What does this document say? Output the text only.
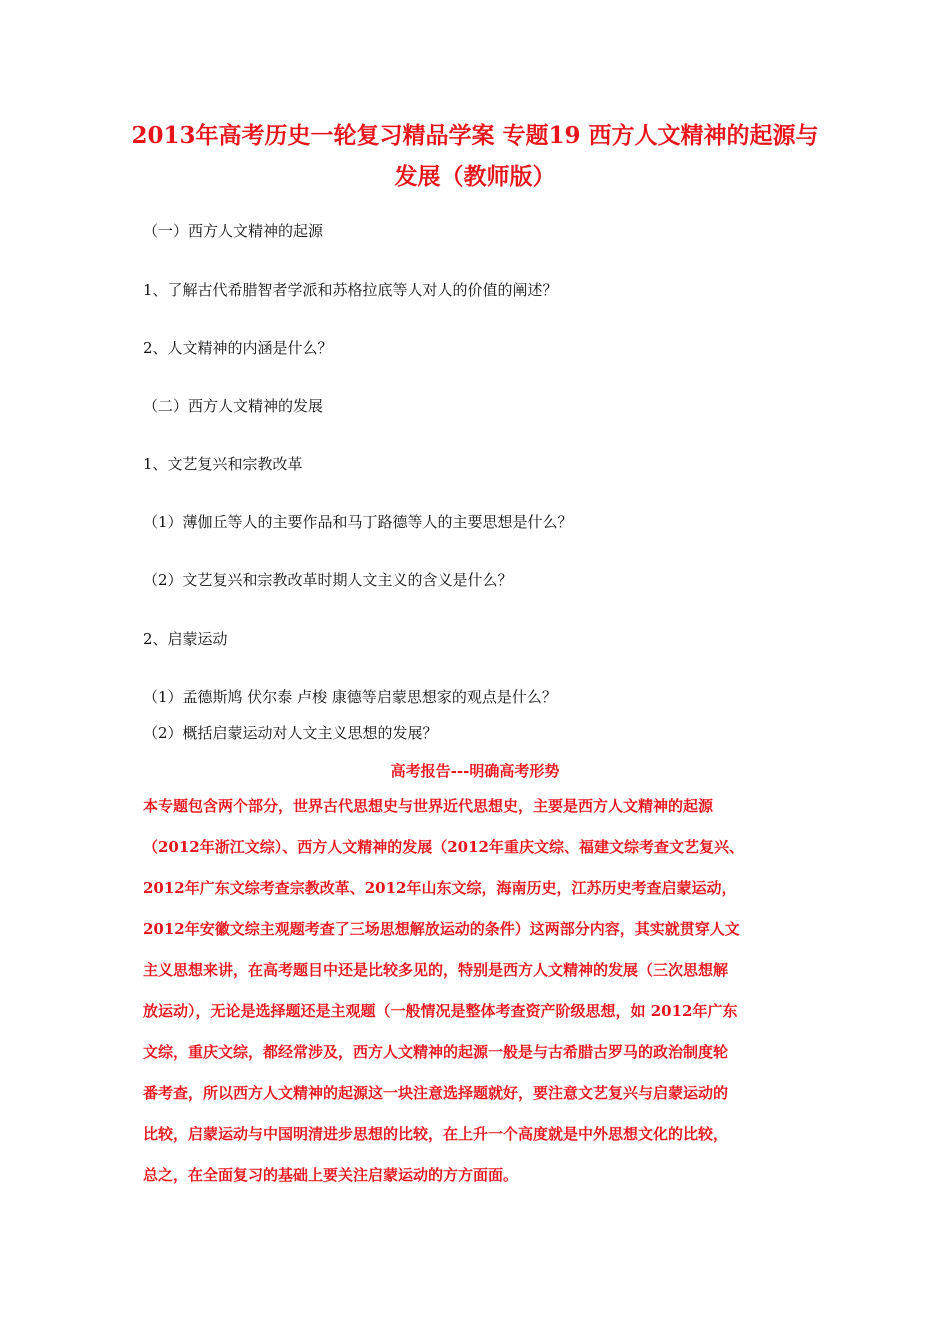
2013年高考历史一轮复习精品学案 专题19 西方人文精神的起源与
发展（教师版）
（一）西方人文精神的起源
1、了解古代希腊智者学派和苏格拉底等人对人的价值的阐述？
2、人文精神的内涵是什么？
（二）西方人文精神的发展
1、文艺复兴和宗教改革
（1）薄伽丘等人的主要作品和马丁路德等人的主要思想是什么？
（2）文艺复兴和宗教改革时期人文主义的含义是什么？
2、启蒙运动
（1）孟德斯鸠 伏尔泰 卢梭 康德等启蒙思想家的观点是什么？
（2）概括启蒙运动对人文主义思想的发展？
高考报告---明确高考形势
本专题包含两个部分，世界古代思想史与世界近代思想史，主要是西方人文精神的起源
（2012年浙江文综）、西方人文精神的发展（2012年重庆文综、福建文综考查文艺复兴、
2012年广东文综考查宗教改革、2012年山东文综，海南历史，江苏历史考查启蒙运动，
2012年安徽文综主观题考查了三场思想解放运动的条件）这两部分内容，其实就贯穿人文
主义思想来讲，在高考题目中还是比较多见的，特别是西方人文精神的发展（三次思想解
放运动），无论是选择题还是主观题（一般情况是整体考查资产阶级思想，如 2012年广东
文综，重庆文综，都经常涉及，西方人文精神的起源一般是与古希腊古罗马的政治制度轮
番考查，所以西方人文精神的起源这一块注意选择题就好，要注意文艺复兴与启蒙运动的
比较，启蒙运动与中国明清进步思想的比较，在上升一个高度就是中外思想文化的比较，
总之，在全面复习的基础上要关注启蒙运动的方方面面。
